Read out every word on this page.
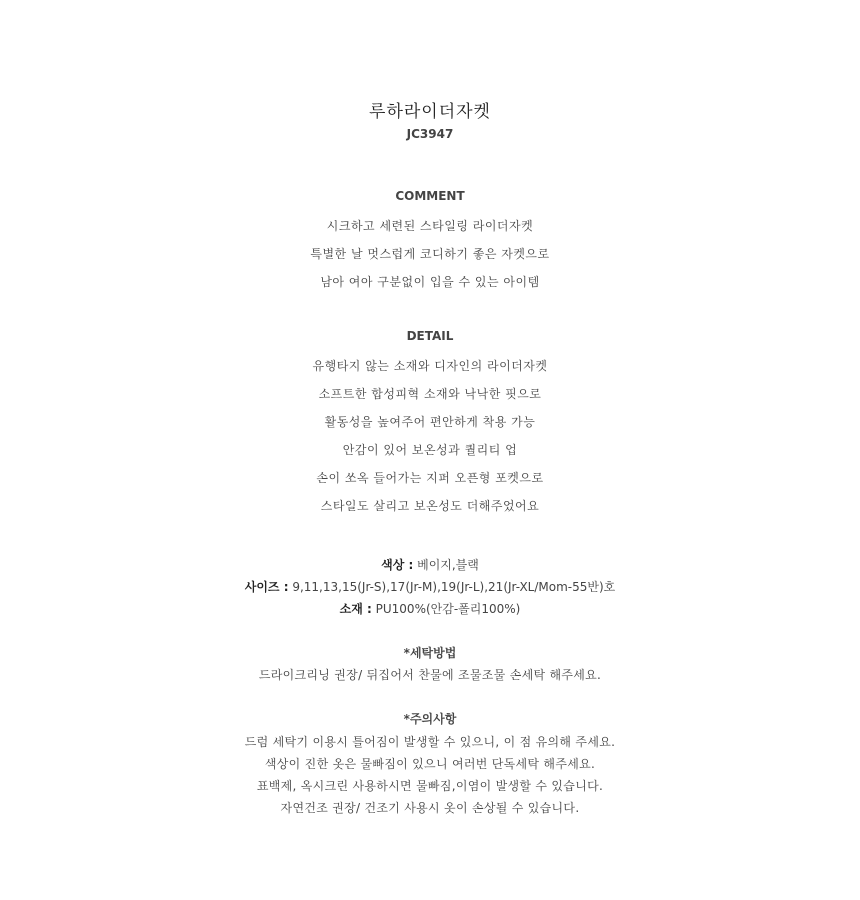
루하라이더자켓
JC3947
COMMENT
시크하고 세련된 스타일링 라이더자켓
특별한 날 멋스럽게 코디하기 좋은 자켓으로
남아 여아 구분없이 입을 수 있는 아이템
DETAIL
유행타지 않는 소재와 디자인의 라이더자켓
소프트한 합성피혁 소재와 낙낙한 핏으로
활동성을 높여주어 편안하게 착용 가능
안감이 있어 보온성과 퀄리티 업
손이 쏘옥 들어가는 지퍼 오픈형 포켓으로
스타일도 살리고 보온성도 더해주었어요
색상 : 베이지,블랙
사이즈 : 9,11,13,15(Jr-S),17(Jr-M),19(Jr-L),21(Jr-XL/Mom-55반)호
소재 : PU100%(안감-폴리100%)
*세탁방법
드라이크리닝 권장/ 뒤집어서 찬물에 조물조물 손세탁 해주세요.
*주의사항
드럼 세탁기 이용시 틀어짐이 발생할 수 있으니, 이 점 유의해 주세요.
색상이 진한 옷은 물빠짐이 있으니 여러번 단독세탁 해주세요.
표백제, 옥시크린 사용하시면 물빠짐,이염이 발생할 수 있습니다.
자연건조 권장/ 건조기 사용시 옷이 손상될 수 있습니다.
